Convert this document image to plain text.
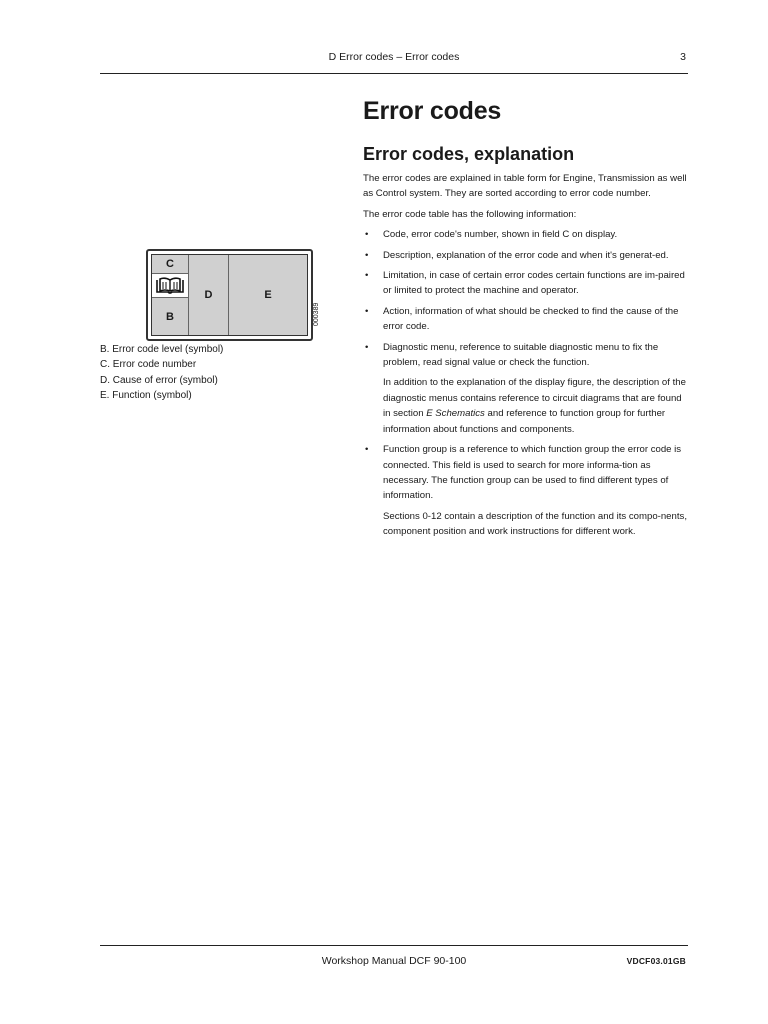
D Error codes – Error codes	3
Error codes
Error codes, explanation

The error codes are explained in table form for Engine, Transmission as well as Control system. They are sorted according to error code number.

The error code table has the following information:

• Code, error code's number, shown in field C on display.
• Description, explanation of the error code and when it's generat-ed.
• Limitation, in case of certain error codes certain functions are im-paired or limited to protect the machine and operator.
• Action, information of what should be checked to find the cause of the error code.
• Diagnostic menu, reference to suitable diagnostic menu to fix the problem, read signal value or check the function.

In addition to the explanation of the display figure, the description of the diagnostic menus contains reference to circuit diagrams that are found in section E Schematics and reference to function group for further information about functions and components.

• Function group is a reference to which function group the error code is connected. This field is used to search for more informa-tion as necessary. The function group can be used to find different types of information.

Sections 0-12 contain a description of the function and its compo-nents, component position and work instructions for different work.

C
B
D	E
000389
B. Error code level (symbol)
C. Error code number
D. Cause of error (symbol)
E. Function (symbol)
Workshop Manual DCF 90-100	VDCF03.01GB
